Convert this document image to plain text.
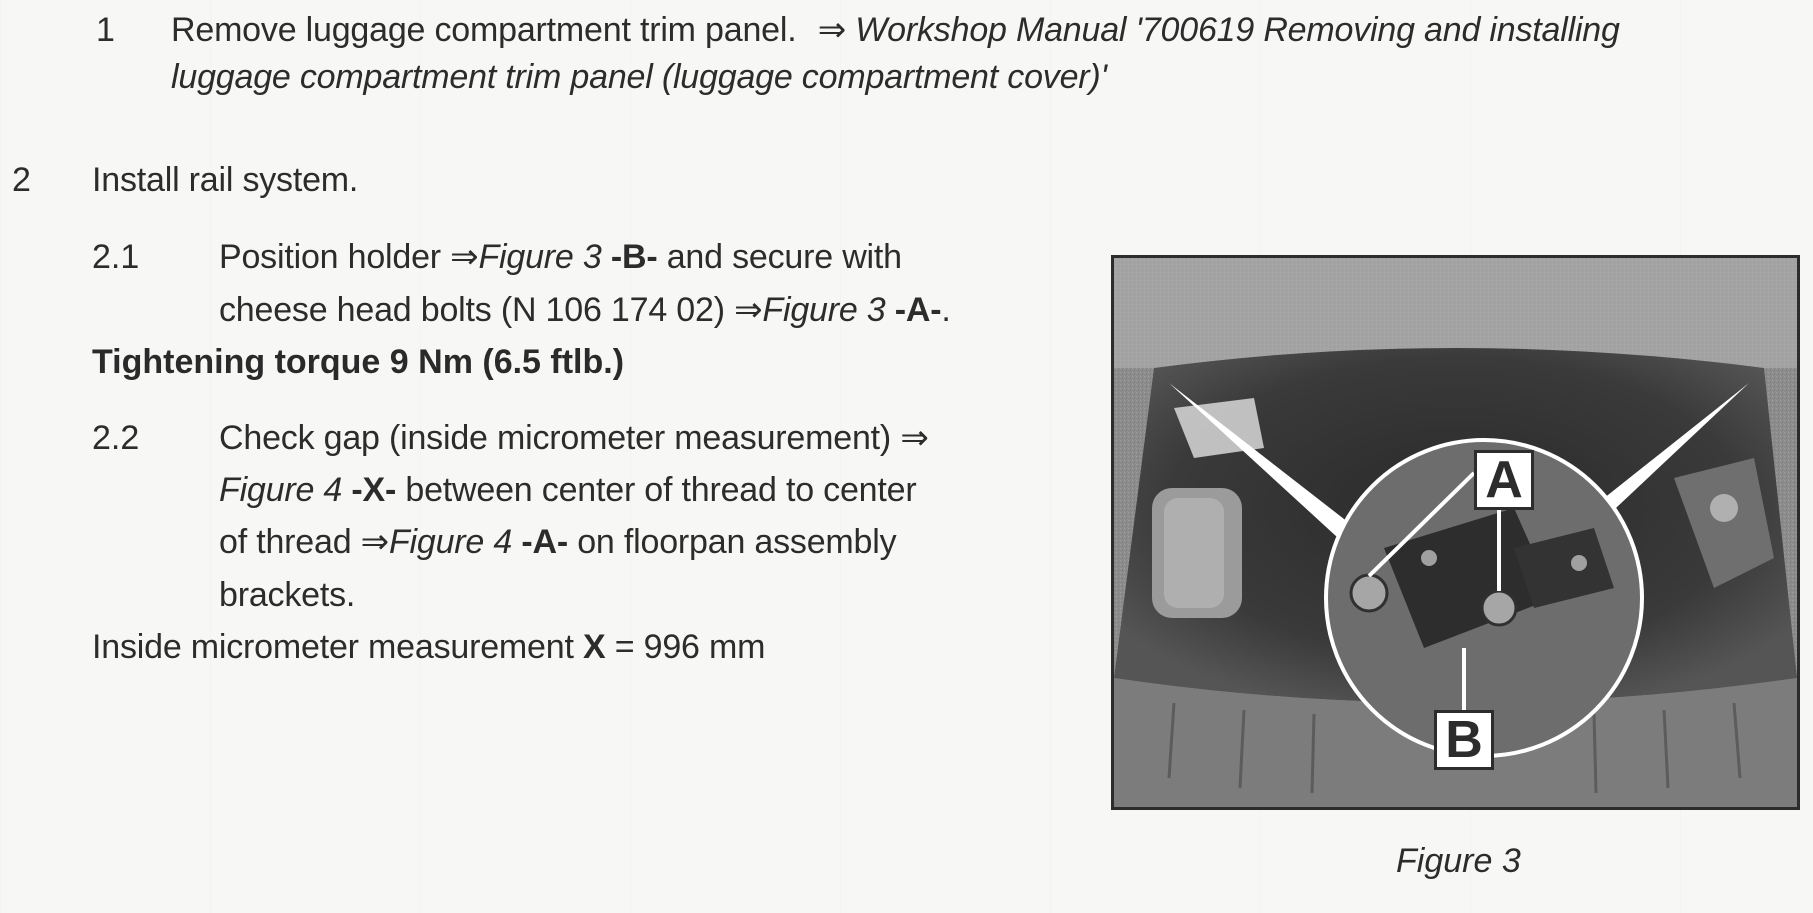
1 Remove luggage compartment trim panel. ⇒ Workshop Manual '700619 Removing and installing
luggage compartment trim panel (luggage compartment cover)'
2 Install rail system.
2.1 Position holder ⇒Figure 3 -B- and secure with
cheese head bolts (N 106 174 02) ⇒Figure 3 -A-.
Tightening torque 9 Nm (6.5 ftlb.)
2.2 Check gap (inside micrometer measurement) ⇒
Figure 4 -X- between center of thread to center
of thread ⇒Figure 4 -A- on floorpan assembly
brackets.
Inside micrometer measurement X = 996 mm
A
B
Figure 3
